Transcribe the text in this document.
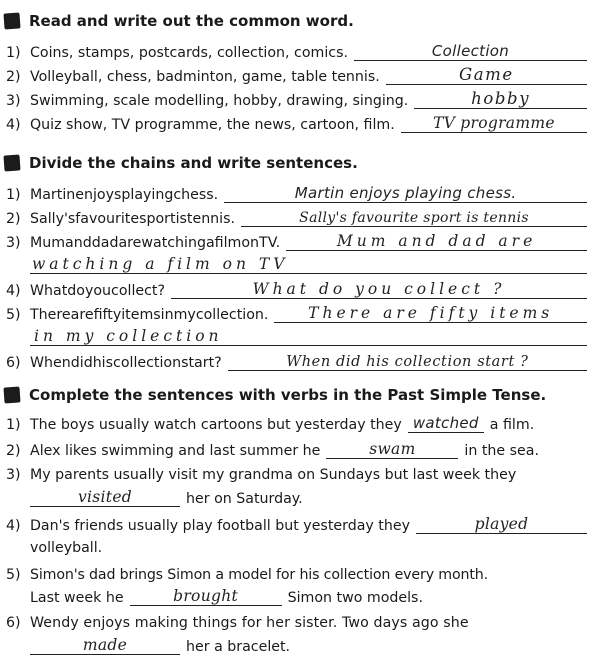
Read and write out the common word.
1) Coins, stamps, postcards, collection, comics.	Collection
2) Volleyball, chess, badminton, game, table tennis.	Game
3) Swimming, scale modelling, hobby, drawing, singing.	hobby
4) Quiz show, TV programme, the news, cartoon, film. TV programme
Divide the chains and write sentences.
1) Martinenjoysplayingchess.	Martin enjoys playing chess.
2) Sally'sfavouritesportistennis.	Sally's favourite sport is tennis
3) MumanddadarewatchingafilmonTV.	Mum and dad are
watching a film on TV
4) Whatdoyoucollect?	What do you collect ?
5) Therearefiftyitemsinmycollection.	There are fifty items
in my collection
6) Whendidhiscollectionstart?	When did his collection start ?
Complete the sentences with verbs in the Past Simple Tense.
1) The boys usually watch cartoons but yesterday they watched a film.
2) Alex likes swimming and last summer he	swam	in the sea.
3) My parents usually visit my grandma on Sundays but last week they
visited	her on Saturday.
4) Dan's friends usually play football but yesterday they	played
volleyball.
5) Simon's dad brings Simon a model for his collection every month.
Last week he	brought	Simon two models.
6) Wendy enjoys making things for her sister. Two days ago she
made	her a bracelet.
